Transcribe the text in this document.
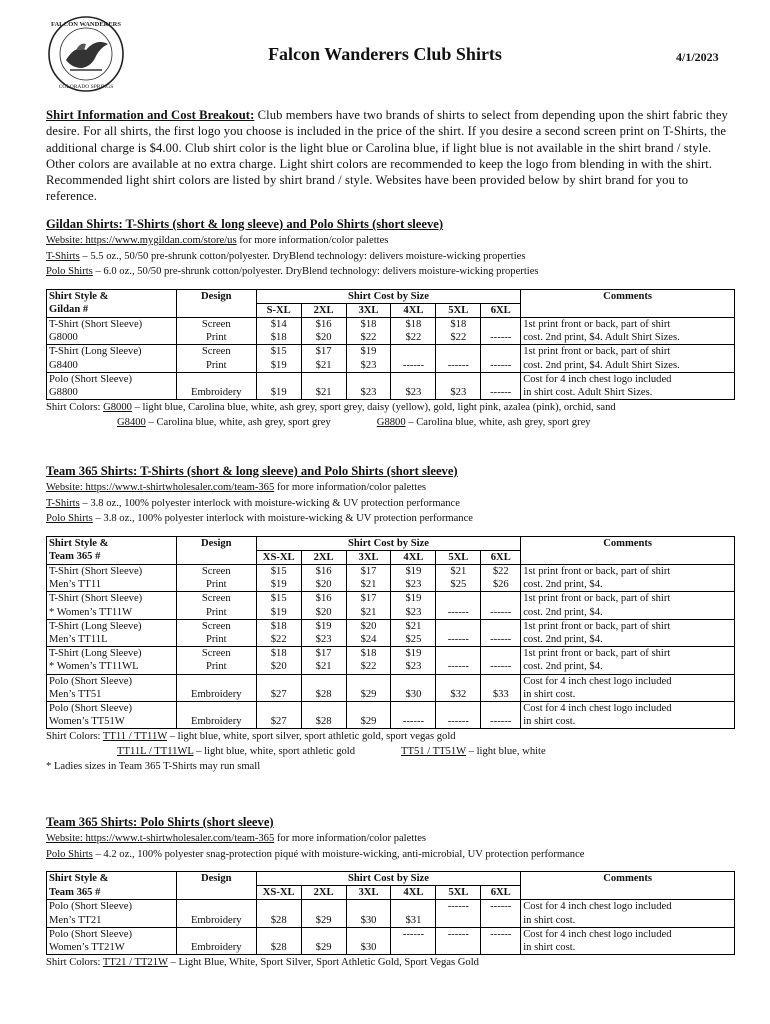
FALCON WANDERERS
COLORADO SPRINGS
Falcon Wanderers Club Shirts	4/1/2023
Shirt Information and Cost Breakout: Club members have two brands of shirts to select from depending upon the shirt fabric they desire. For all shirts, the first logo you choose is included in the price of the shirt. If you desire a second screen print on T-Shirts, the additional charge is $4.00. Club shirt color is the light blue or Carolina blue, if light blue is not available in the shirt brand / style. Other colors are available at no extra charge. Light shirt colors are recommended to keep the logo from blending in with the shirt. Recommended light shirt colors are listed by shirt brand / style. Websites have been provided below by shirt brand for you to reference.
Gildan Shirts: T-Shirts (short & long sleeve) and Polo Shirts (short sleeve)
Website: https://www.mygildan.com/store/us for more information/color palettes
T-Shirts – 5.5 oz., 50/50 pre-shrunk cotton/polyester. DryBlend technology: delivers moisture-wicking properties
Polo Shirts – 6.0 oz., 50/50 pre-shrunk cotton/polyester. DryBlend technology: delivers moisture-wicking properties
Shirt Style &	Design	Shirt Cost by Size						Comments
Gildan #		S-XL	2XL	3XL	4XL	5XL	6XL	
T-Shirt (Short Sleeve)	Screen	$14	$16	$18	$18	$18		1st print front or back, part of shirt
G8000	Print	$18	$20	$22	$22	$22	------	cost. 2nd print, $4. Adult Shirt Sizes.
T-Shirt (Long Sleeve)	Screen	$15	$17	$19				1st print front or back, part of shirt
G8400	Print	$19	$21	$23	------	------	------	cost. 2nd print, $4. Adult Shirt Sizes.
Polo (Short Sleeve)								Cost for 4 inch chest logo included
G8800	Embroidery	$19	$21	$23	$23	$23	------	in shirt cost. Adult Shirt Sizes.
Shirt Colors: G8000 – light blue, Carolina blue, white, ash grey, sport grey, daisy (yellow), gold, light pink, azalea (pink), orchid, sand
G8400 – Carolina blue, white, ash grey, sport grey	G8800 – Carolina blue, white, ash grey, sport grey
Team 365 Shirts: T-Shirts (short & long sleeve) and Polo Shirts (short sleeve)
Website: https://www.t-shirtwholesaler.com/team-365 for more information/color palettes
T-Shirts – 3.8 oz., 100% polyester interlock with moisture-wicking & UV protection performance
Polo Shirts – 3.8 oz., 100% polyester interlock with moisture-wicking & UV protection performance
Shirt Style &	Design	Shirt Cost by Size						Comments
Team 365 #		XS-XL	2XL	3XL	4XL	5XL	6XL	
T-Shirt (Short Sleeve)	Screen	$15	$16	$17	$19	$21	$22	1st print front or back, part of shirt
Men’s TT11	Print	$19	$20	$21	$23	$25	$26	cost. 2nd print, $4.
T-Shirt (Short Sleeve)	Screen	$15	$16	$17	$19			1st print front or back, part of shirt
* Women’s TT11W	Print	$19	$20	$21	$23	------	------	cost. 2nd print, $4.
T-Shirt (Long Sleeve)	Screen	$18	$19	$20	$21			1st print front or back, part of shirt
Men’s TT11L	Print	$22	$23	$24	$25	------	------	cost. 2nd print, $4.
T-Shirt (Long Sleeve)	Screen	$18	$17	$18	$19			1st print front or back, part of shirt
* Women’s TT11WL	Print	$20	$21	$22	$23	------	------	cost. 2nd print, $4.
Polo (Short Sleeve)								Cost for 4 inch chest logo included
Men’s TT51	Embroidery	$27	$28	$29	$30	$32	$33	in shirt cost.
Polo (Short Sleeve)								Cost for 4 inch chest logo included
Women’s TT51W	Embroidery	$27	$28	$29	------	------	------	in shirt cost.
Shirt Colors: TT11 / TT11W – light blue, white, sport silver, sport athletic gold, sport vegas gold
TT11L / TT11WL – light blue, white, sport athletic gold	TT51 / TT51W – light blue, white
* Ladies sizes in Team 365 T-Shirts may run small
Team 365 Shirts: Polo Shirts (short sleeve)
Website: https://www.t-shirtwholesaler.com/team-365 for more information/color palettes
Polo Shirts – 4.2 oz., 100% polyester snag-protection piqué with moisture-wicking, anti-microbial, UV protection performance
Shirt Style &	Design	Shirt Cost by Size						Comments
Team 365 #		XS-XL	2XL	3XL	4XL	5XL	6XL	
Polo (Short Sleeve)						------	------	Cost for 4 inch chest logo included
Men’s TT21	Embroidery	$28	$29	$30	$31			in shirt cost.
Polo (Short Sleeve)					------	------	------	Cost for 4 inch chest logo included
Women’s TT21W	Embroidery	$28	$29	$30				in shirt cost.
Shirt Colors: TT21 / TT21W – Light Blue, White, Sport Silver, Sport Athletic Gold, Sport Vegas Gold
